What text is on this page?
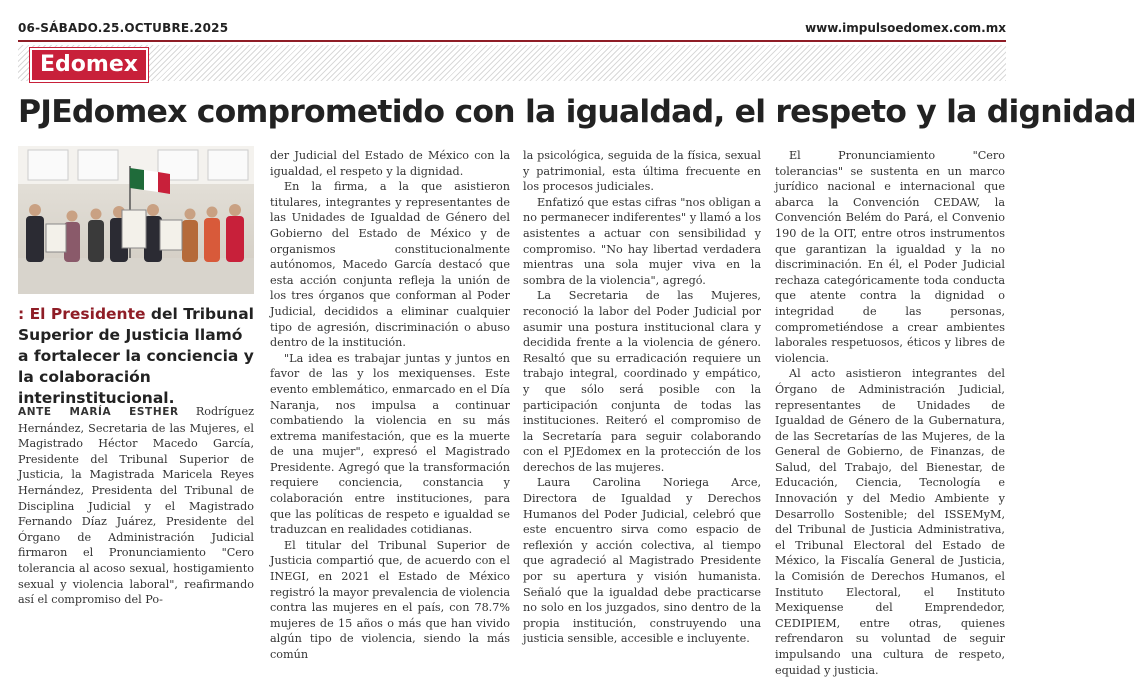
06-SÁBADO.25.OCTUBRE.2025	www.impulsoedomex.com.mx
Edomex
PJEdomex comprometido con la igualdad, el respeto y la dignidad
: El Presidente del Tribunal Superior de Justicia llamó a fortalecer la conciencia y la colaboración interinstitucional.

ANTE MARÍA ESTHER Rodríguez Hernández, Secretaria de las Mujeres, el Magistrado Héctor Macedo García, Presidente del Tribunal Superior de Justicia, la Magistrada Maricela Reyes Hernández, Presidenta del Tribunal de Disciplina Judicial y el Magistrado Fernando Díaz Juárez, Presidente del Órgano de Administración Judicial firmaron el Pronunciamiento "Cero tolerancia al acoso sexual, hostigamiento sexual y violencia laboral", reafirmando así el compromiso del Po-

der Judicial del Estado de México con la igualdad, el respeto y la dignidad.

En la firma, a la que asistieron titulares, integrantes y representantes de las Unidades de Igualdad de Género del Gobierno del Estado de México y de organismos constitucionalmente autónomos, Macedo García destacó que esta acción conjunta refleja la unión de los tres órganos que conforman al Poder Judicial, decididos a eliminar cualquier tipo de agresión, discriminación o abuso dentro de la institución.

"La idea es trabajar juntas y juntos en favor de las y los mexiquenses. Este evento emblemático, enmarcado en el Día Naranja, nos impulsa a continuar combatiendo la violencia en su más extrema manifestación, que es la muerte de una mujer", expresó el Magistrado Presidente. Agregó que la transformación requiere conciencia, constancia y colaboración entre instituciones, para que las políticas de respeto e igualdad se traduzcan en realidades cotidianas.

El titular del Tribunal Superior de Justicia compartió que, de acuerdo con el INEGI, en 2021 el Estado de México registró la mayor prevalencia de violencia contra las mujeres en el país, con 78.7% mujeres de 15 años o más que han vivido algún tipo de violencia, siendo la más común

la psicológica, seguida de la física, sexual y patrimonial, esta última frecuente en los procesos judiciales.

Enfatizó que estas cifras "nos obligan a no permanecer indiferentes" y llamó a los asistentes a actuar con sensibilidad y compromiso. "No hay libertad verdadera mientras una sola mujer viva en la sombra de la violencia", agregó.

La Secretaria de las Mujeres, reconoció la labor del Poder Judicial por asumir una postura institucional clara y decidida frente a la violencia de género. Resaltó que su erradicación requiere un trabajo integral, coordinado y empático, y que sólo será posible con la participación conjunta de todas las instituciones. Reiteró el compromiso de la Secretaría para seguir colaborando con el PJEdomex en la protección de los derechos de las mujeres.

Laura Carolina Noriega Arce, Directora de Igualdad y Derechos Humanos del Poder Judicial, celebró que este encuentro sirva como espacio de reflexión y acción colectiva, al tiempo que agradeció al Magistrado Presidente por su apertura y visión humanista. Señaló que la igualdad debe practicarse no solo en los juzgados, sino dentro de la propia institución, construyendo una justicia sensible, accesible e incluyente.

El Pronunciamiento "Cero tolerancias" se sustenta en un marco jurídico nacional e internacional que abarca la Convención CEDAW, la Convención Belém do Pará, el Convenio 190 de la OIT, entre otros instrumentos que garantizan la igualdad y la no discriminación. En él, el Poder Judicial rechaza categóricamente toda conducta que atente contra la dignidad o integridad de las personas, comprometiéndose a crear ambientes laborales respetuosos, éticos y libres de violencia.

Al acto asistieron integrantes del Órgano de Administración Judicial, representantes de Unidades de Igualdad de Género de la Gubernatura, de las Secretarías de las Mujeres, de la General de Gobierno, de Finanzas, de Salud, del Trabajo, del Bienestar, de Educación, Ciencia, Tecnología e Innovación y del Medio Ambiente y Desarrollo Sostenible; del ISSEMyM, del Tribunal de Justicia Administrativa, el Tribunal Electoral del Estado de México, la Fiscalía General de Justicia, la Comisión de Derechos Humanos, el Instituto Electoral, el Instituto Mexiquense del Emprendedor, CEDIPIEM, entre otras, quienes refrendaron su voluntad de seguir impulsando una cultura de respeto, equidad y justicia.
